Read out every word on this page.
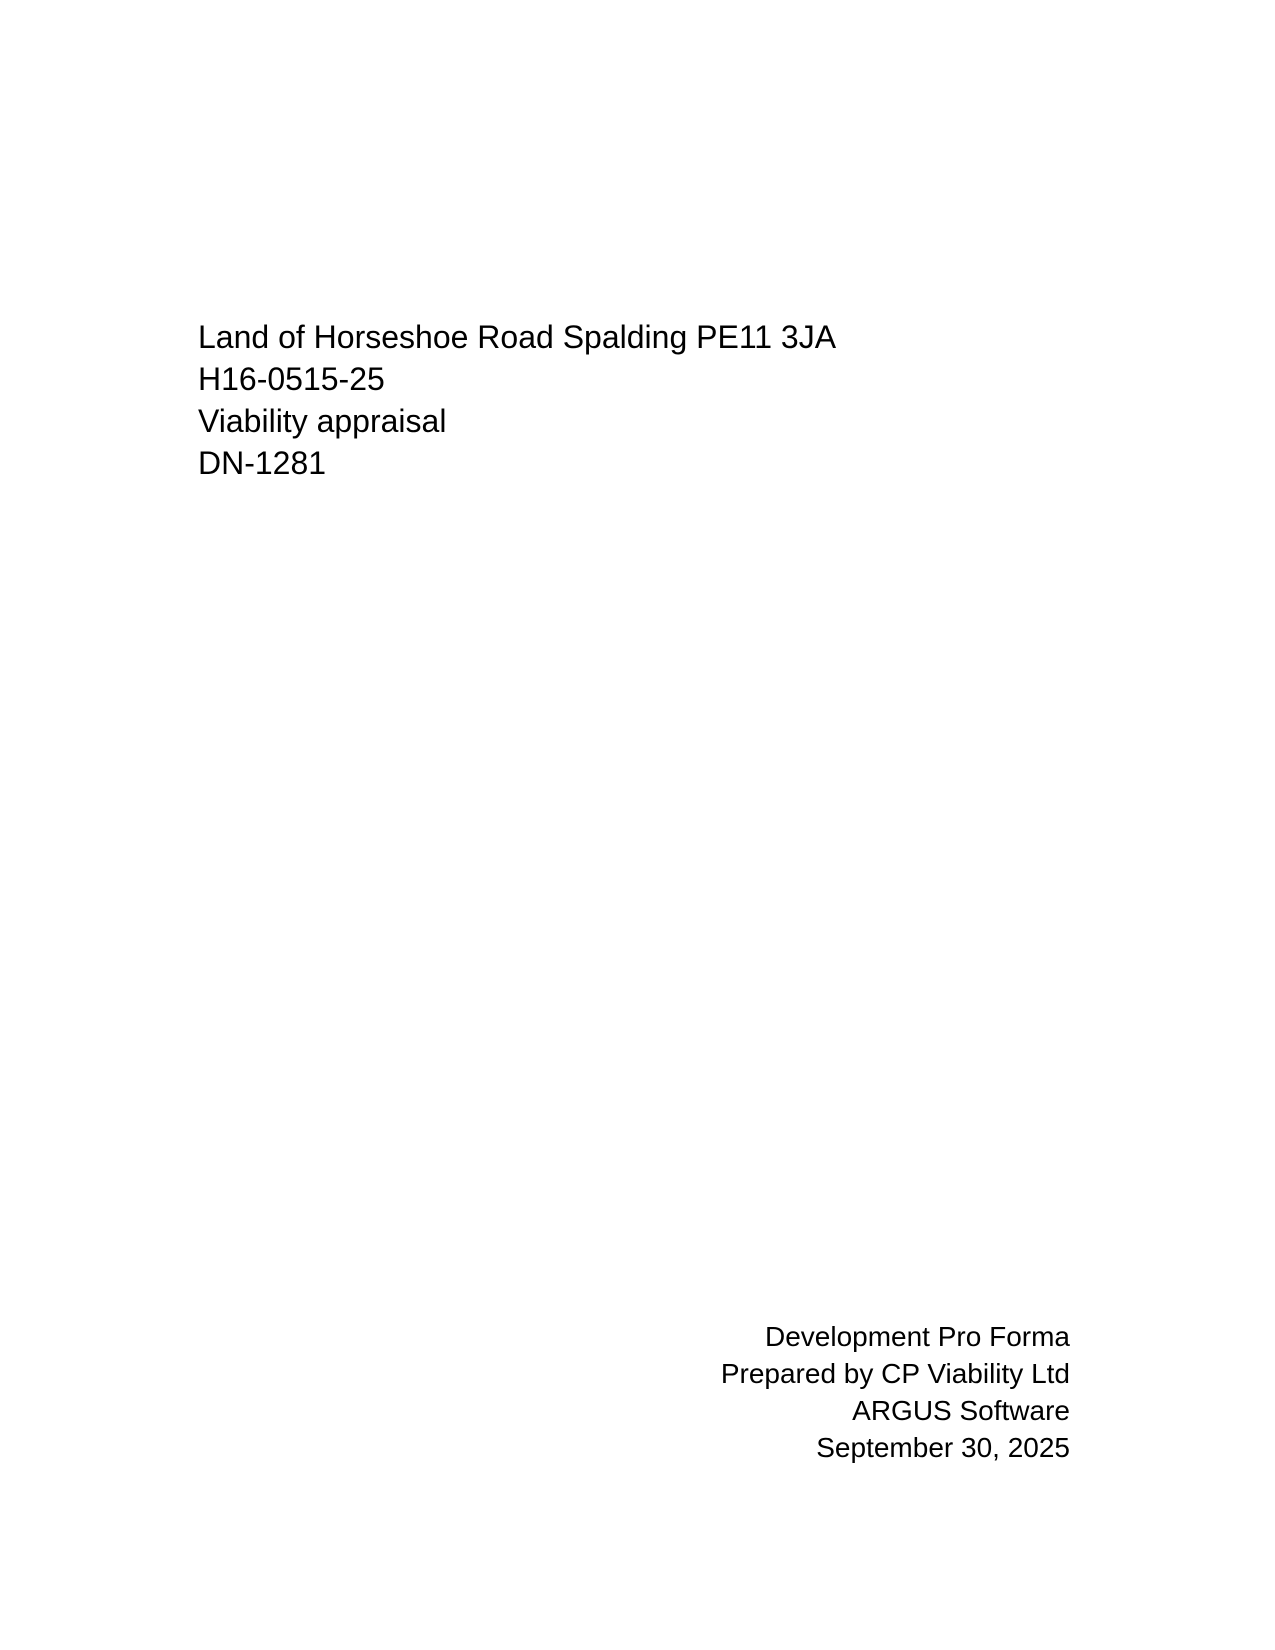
Land of Horseshoe Road Spalding PE11 3JA
H16-0515-25
Viability appraisal
DN-1281
Development Pro Forma
Prepared by CP Viability Ltd
ARGUS Software
September 30, 2025
